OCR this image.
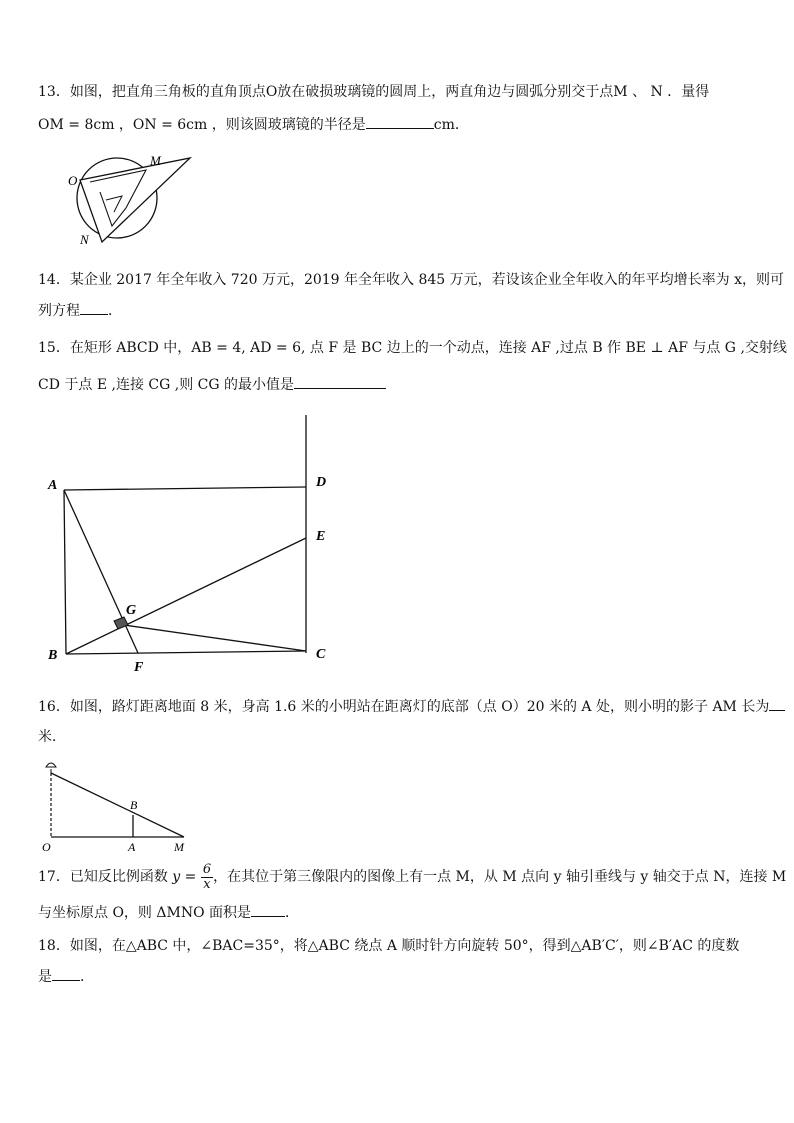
13．如图，把直角三角板的直角顶点O放在破损玻璃镜的圆周上，两直角边与圆弧分别交于点M 、 N ．量得
OM = 8cm ，ON = 6cm ，则该圆玻璃镜的半径是	cm．
O
M
N
14．某企业 2017 年全年收入 720 万元，2019 年全年收入 845 万元，若设该企业全年收入的年平均增长率为 x，则可
列方程 ．
15．在矩形 ABCD 中，AB = 4, AD = 6, 点 F 是 BC 边上的一个动点，连接 AF ,过点 B 作 BE ⊥ AF 与点 G ,交射线
CD 于点 E ,连接 CG ,则 CG 的最小值是
A	D
E
G
B	C
F
16．如图，路灯距离地面 8 米，身高 1.6 米的小明站在距离灯的底部（点 O）20 米的 A 处，则小明的影子 AM 长为
米．
O	A
B
M
17．已知反比例函数 $y = \frac{6}{x}$ ，在其位于第三像限内的图像上有一点 M，从 M 点向 y 轴引垂线与 y 轴交于点 N，连接 M
与坐标原点 O，则 ΔMNO 面积是 ．
18．如图，在△ABC 中，∠BAC=35°，将△ABC 绕点 A 顺时针方向旋转 50°，得到△AB′C′，则∠B′AC 的度数
是 ．
